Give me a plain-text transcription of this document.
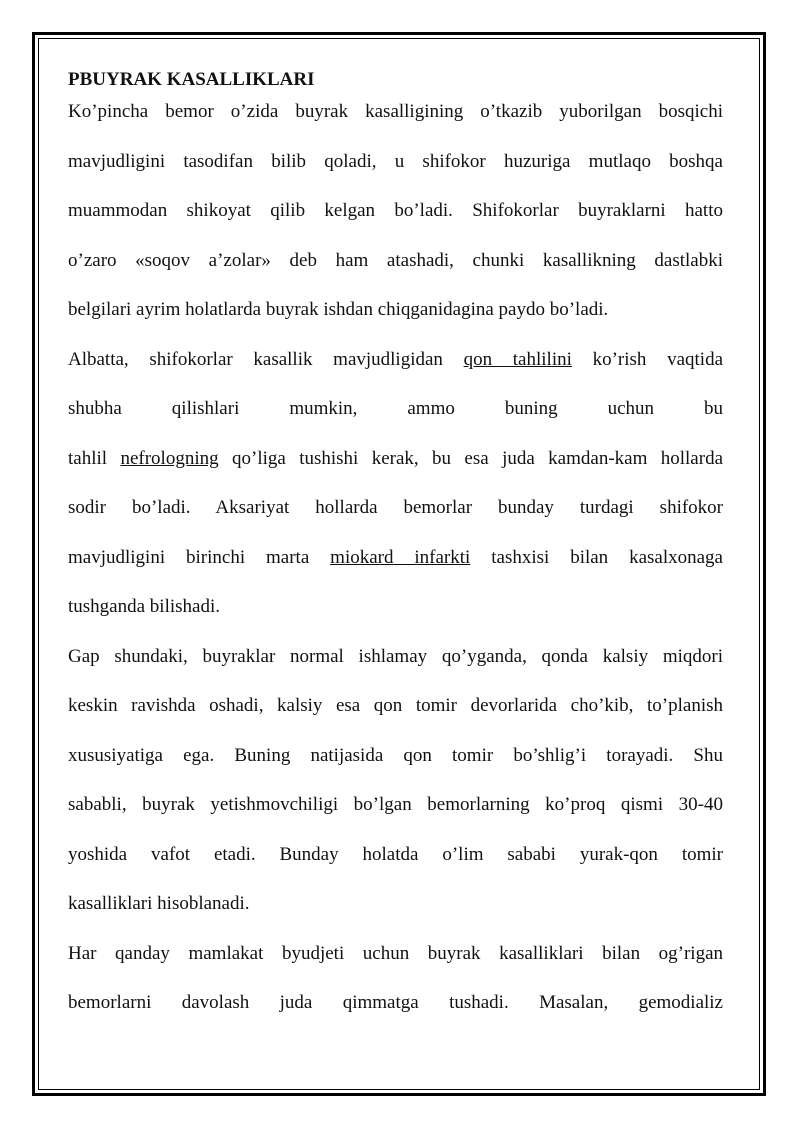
PBUYRAK KASALLIKLARI
Ko’pincha bemor o’zida buyrak kasalligining o’tkazib yuborilgan bosqichi
mavjudligini tasodifan bilib qoladi, u shifokor huzuriga mutlaqo boshqa
muammodan shikoyat qilib kelgan bo’ladi. Shifokorlar buyraklarni hatto
o’zaro «soqov a’zolar» deb ham atashadi, chunki kasallikning dastlabki
belgilari ayrim holatlarda buyrak ishdan chiqganidagina paydo bo’ladi.
Albatta, shifokorlar kasallik mavjudligidan qon tahlilini ko’rish vaqtida
shubha qilishlari mumkin, ammo buning uchun bu
tahlil nefrologning qo’liga tushishi kerak, bu esa juda kamdan-kam hollarda
sodir bo’ladi. Aksariyat hollarda bemorlar bunday turdagi shifokor
mavjudligini birinchi marta miokard infarkti tashxisi bilan kasalxonaga
tushganda bilishadi.
Gap shundaki, buyraklar normal ishlamay qo’yganda, qonda kalsiy miqdori
keskin ravishda oshadi, kalsiy esa qon tomir devorlarida cho’kib, to’planish
xususiyatiga ega. Buning natijasida qon tomir bo’shlig’i torayadi. Shu
sababli, buyrak yetishmovchiligi bo’lgan bemorlarning ko’proq qismi 30-40
yoshida vafot etadi. Bunday holatda o’lim sababi yurak-qon tomir
kasalliklari hisoblanadi.
Har qanday mamlakat byudjeti uchun buyrak kasalliklari bilan og’rigan
bemorlarni davolash juda qimmatga tushadi. Masalan, gemodializ
